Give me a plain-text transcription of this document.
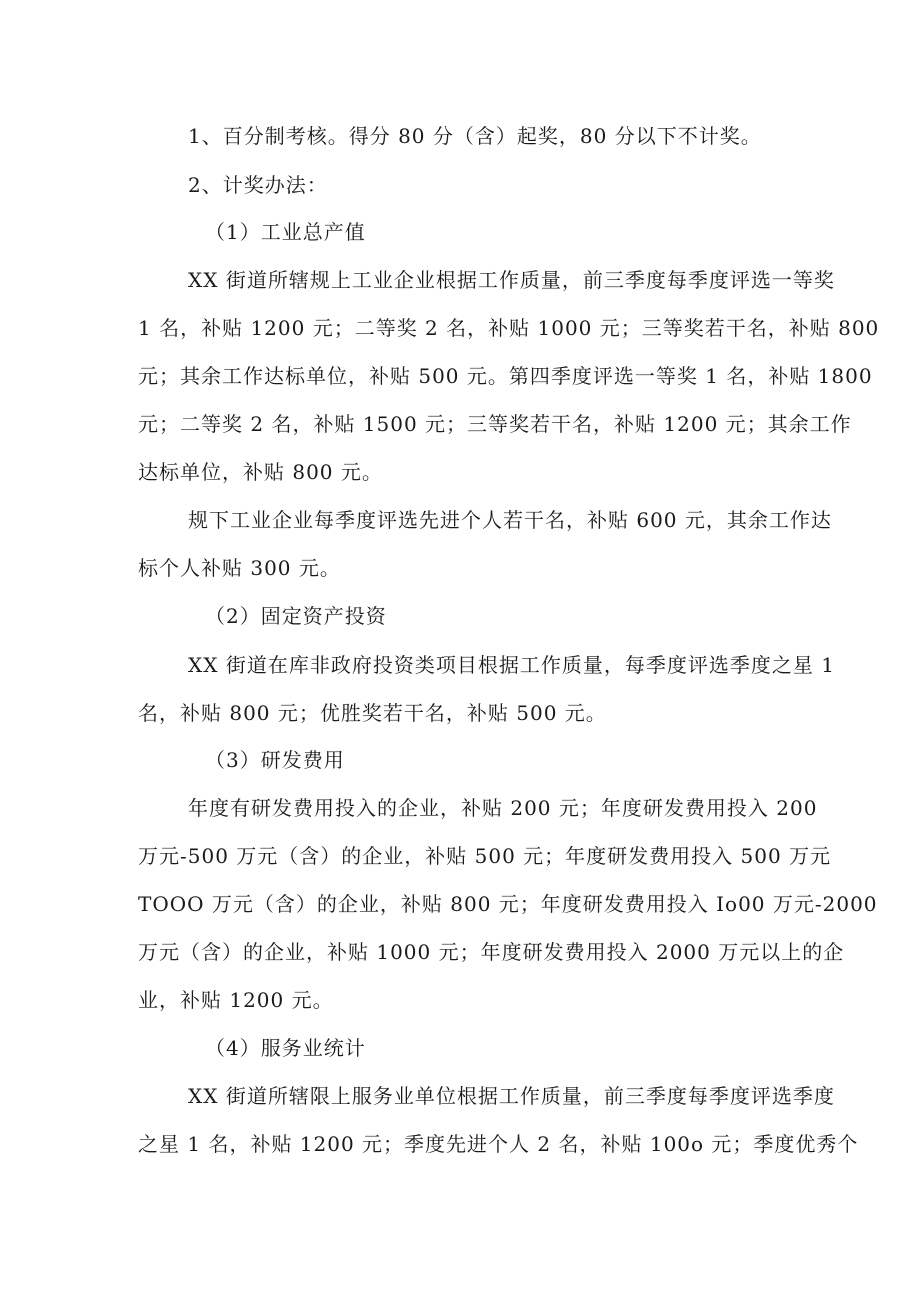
1、百分制考核。得分 80 分（含）起奖，80 分以下不计奖。

2、计奖办法：

（1）工业总产值

XX 街道所辖规上工业企业根据工作质量，前三季度每季度评选一等奖

1 名，补贴 1200 元；二等奖 2 名，补贴 1000 元；三等奖若干名，补贴 800

元；其余工作达标单位，补贴 500 元。第四季度评选一等奖 1 名，补贴 1800

元；二等奖 2 名，补贴 1500 元；三等奖若干名，补贴 1200 元；其余工作

达标单位，补贴 800 元。

规下工业企业每季度评选先进个人若干名，补贴 600 元，其余工作达

标个人补贴 300 元。

（2）固定资产投资

XX 街道在库非政府投资类项目根据工作质量，每季度评选季度之星 1

名，补贴 800 元；优胜奖若干名，补贴 500 元。

（3）研发费用

年度有研发费用投入的企业，补贴 200 元；年度研发费用投入 200

万元-500 万元（含）的企业，补贴 500 元；年度研发费用投入 500 万元

TOOO 万元（含）的企业，补贴 800 元；年度研发费用投入 Io00 万元-2000

万元（含）的企业，补贴 1000 元；年度研发费用投入 2000 万元以上的企

业，补贴 1200 元。

（4）服务业统计

XX 街道所辖限上服务业单位根据工作质量，前三季度每季度评选季度

之星 1 名，补贴 1200 元；季度先进个人 2 名，补贴 100o 元；季度优秀个
